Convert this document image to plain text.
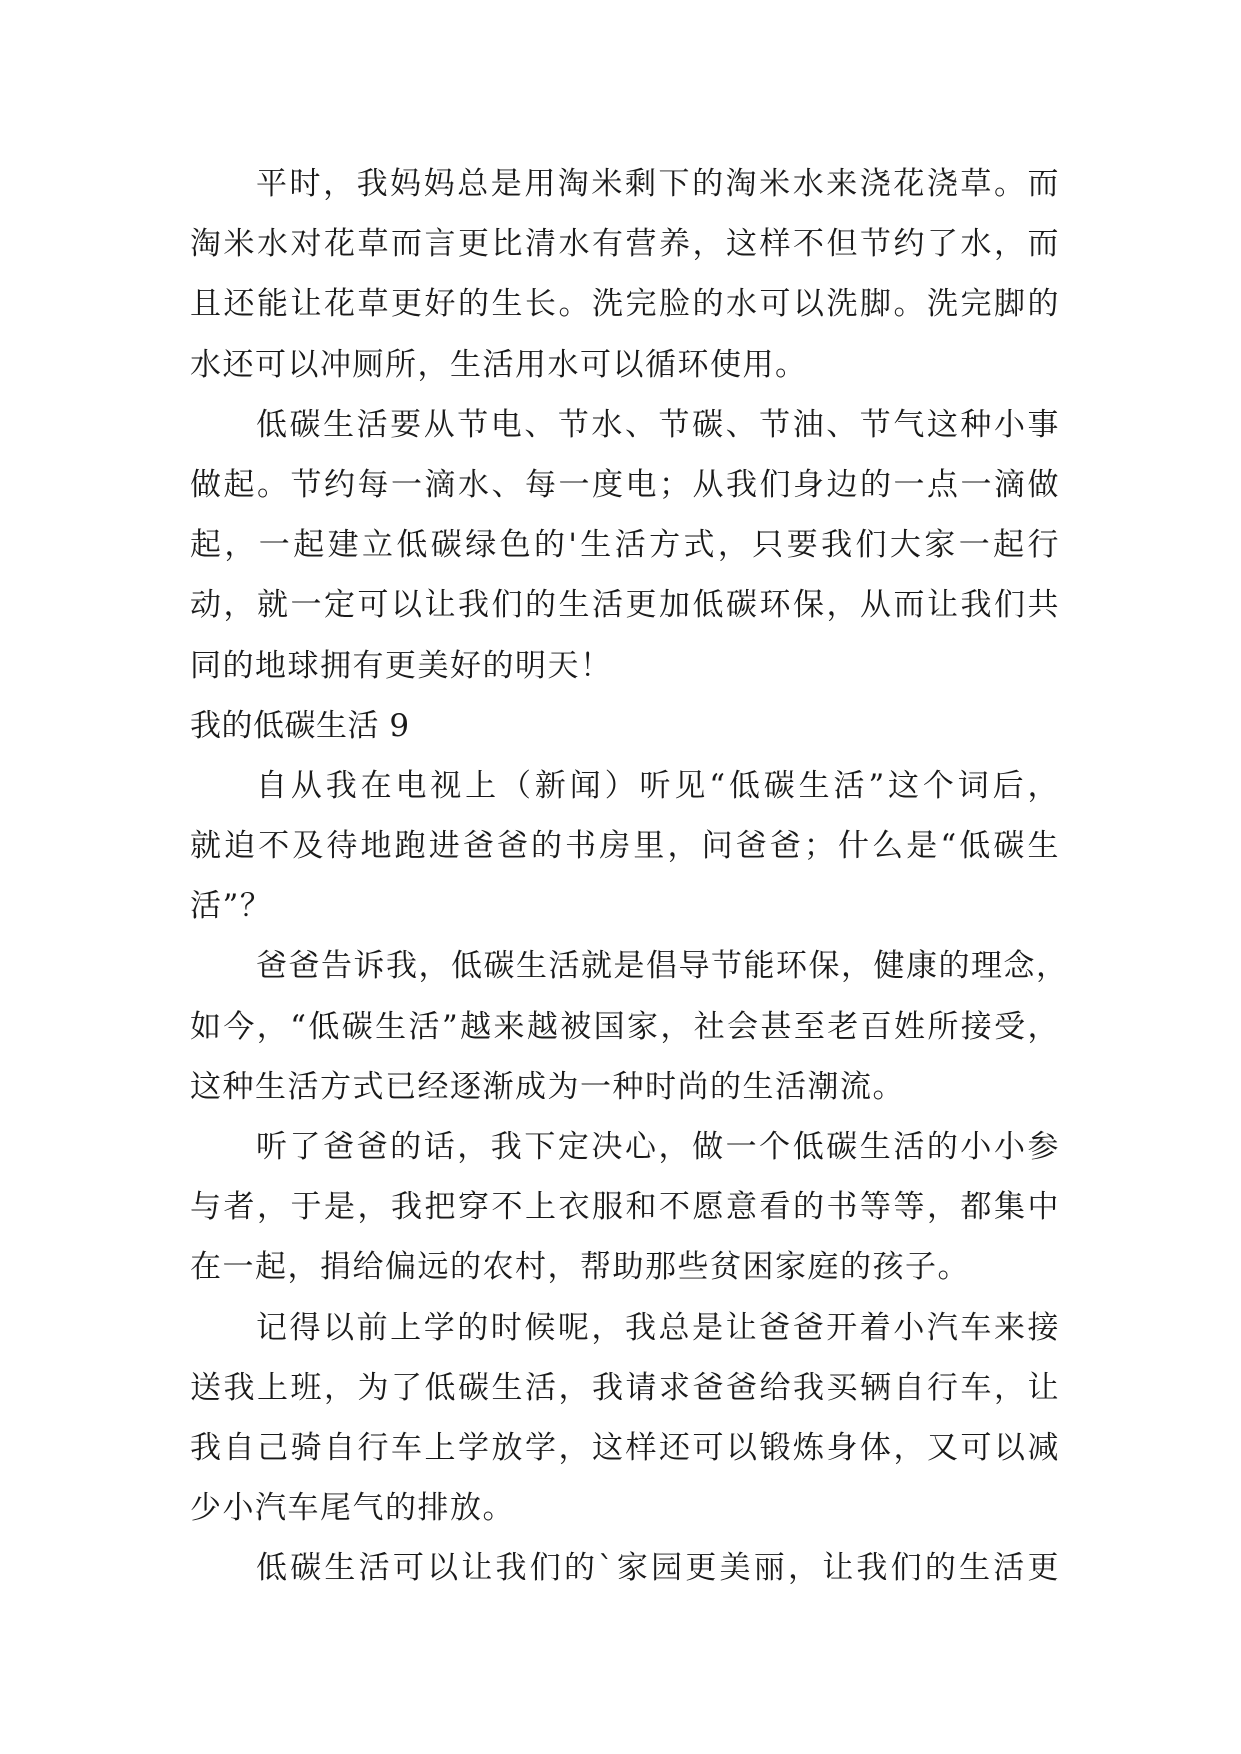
平时，我妈妈总是用淘米剩下的淘米水来浇花浇草。而
淘米水对花草而言更比清水有营养，这样不但节约了水，而
且还能让花草更好的生长。洗完脸的水可以洗脚。洗完脚的
水还可以冲厕所，生活用水可以循环使用。
低碳生活要从节电、节水、节碳、节油、节气这种小事
做起。节约每一滴水、每一度电；从我们身边的一点一滴做
起，一起建立低碳绿色的'生活方式，只要我们大家一起行
动，就一定可以让我们的生活更加低碳环保，从而让我们共
同的地球拥有更美好的明天！
我的低碳生活 9
自从我在电视上（新闻）听见“低碳生活”这个词后，
就迫不及待地跑进爸爸的书房里，问爸爸；什么是“低碳生
活”？
爸爸告诉我，低碳生活就是倡导节能环保，健康的理念，
如今，“低碳生活”越来越被国家，社会甚至老百姓所接受，
这种生活方式已经逐渐成为一种时尚的生活潮流。
听了爸爸的话，我下定决心，做一个低碳生活的小小参
与者，于是，我把穿不上衣服和不愿意看的书等等，都集中
在一起，捐给偏远的农村，帮助那些贫困家庭的孩子。
记得以前上学的时候呢，我总是让爸爸开着小汽车来接
送我上班，为了低碳生活，我请求爸爸给我买辆自行车，让
我自己骑自行车上学放学，这样还可以锻炼身体，又可以减
少小汽车尾气的排放。
低碳生活可以让我们的`家园更美丽，让我们的生活更
